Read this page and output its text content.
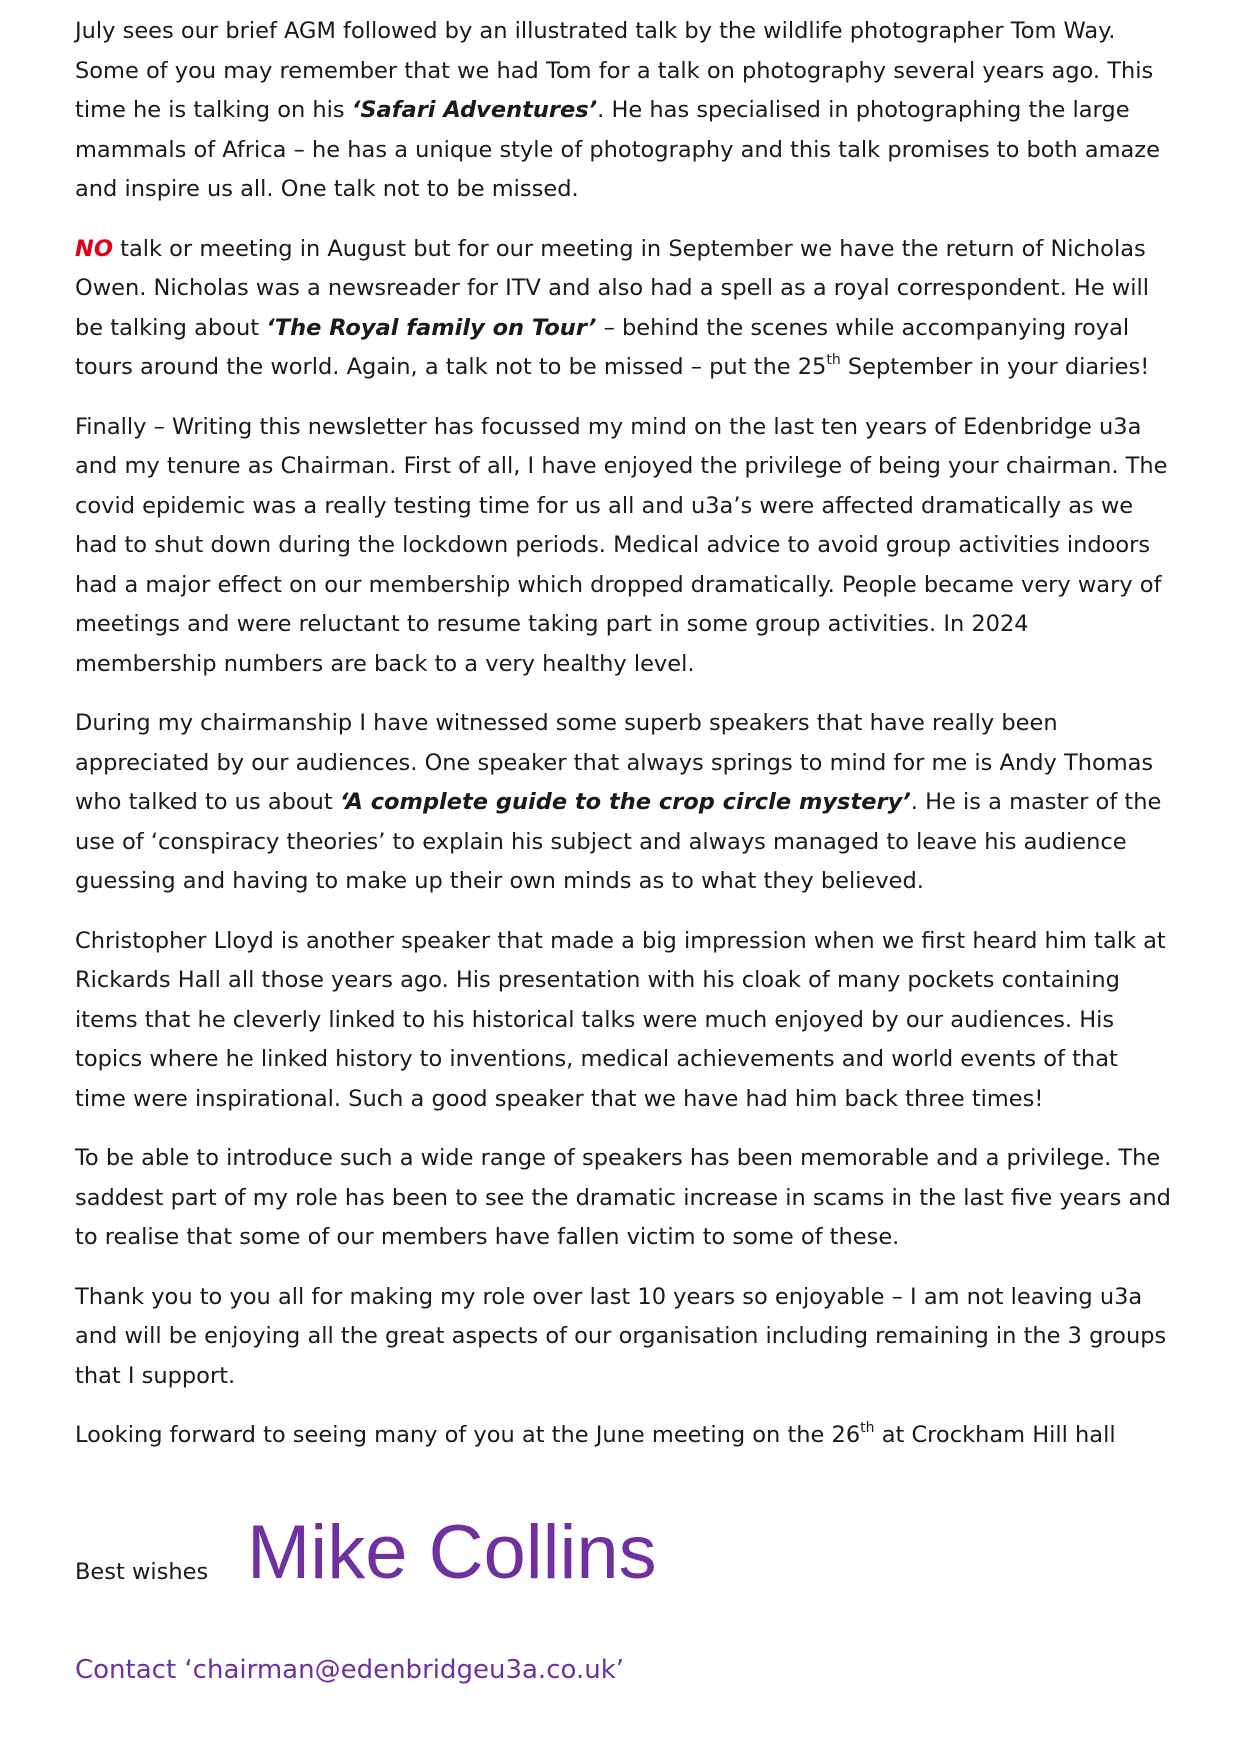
July sees our brief AGM followed by an illustrated talk by the wildlife photographer Tom Way. Some of you may remember that we had Tom for a talk on photography several years ago. This time he is talking on his ‘Safari Adventures’. He has specialised in photographing the large mammals of Africa – he has a unique style of photography and this talk promises to both amaze and inspire us all. One talk not to be missed.

NO talk or meeting in August but for our meeting in September we have the return of Nicholas Owen. Nicholas was a newsreader for ITV and also had a spell as a royal correspondent. He will be talking about ‘The Royal family on Tour’ – behind the scenes while accompanying royal tours around the world. Again, a talk not to be missed – put the 25th September in your diaries!

Finally – Writing this newsletter has focussed my mind on the last ten years of Edenbridge u3a and my tenure as Chairman. First of all, I have enjoyed the privilege of being your chairman. The covid epidemic was a really testing time for us all and u3a’s were affected dramatically as we had to shut down during the lockdown periods. Medical advice to avoid group activities indoors had a major effect on our membership which dropped dramatically. People became very wary of meetings and were reluctant to resume taking part in some group activities. In 2024 membership numbers are back to a very healthy level.

During my chairmanship I have witnessed some superb speakers that have really been appreciated by our audiences. One speaker that always springs to mind for me is Andy Thomas who talked to us about ‘A complete guide to the crop circle mystery’. He is a master of the use of ‘conspiracy theories’ to explain his subject and always managed to leave his audience guessing and having to make up their own minds as to what they believed.

Christopher Lloyd is another speaker that made a big impression when we first heard him talk at Rickards Hall all those years ago. His presentation with his cloak of many pockets containing items that he cleverly linked to his historical talks were much enjoyed by our audiences. His topics where he linked history to inventions, medical achievements and world events of that time were inspirational. Such a good speaker that we have had him back three times!

To be able to introduce such a wide range of speakers has been memorable and a privilege. The saddest part of my role has been to see the dramatic increase in scams in the last five years and to realise that some of our members have fallen victim to some of these.

Thank you to you all for making my role over last 10 years so enjoyable – I am not leaving u3a and will be enjoying all the great aspects of our organisation including remaining in the 3 groups that I support.

Looking forward to seeing many of you at the June meeting on the 26th at Crockham Hill hall

Best wishes Mike Collins
Contact ‘chairman@edenbridgeu3a.co.uk’
